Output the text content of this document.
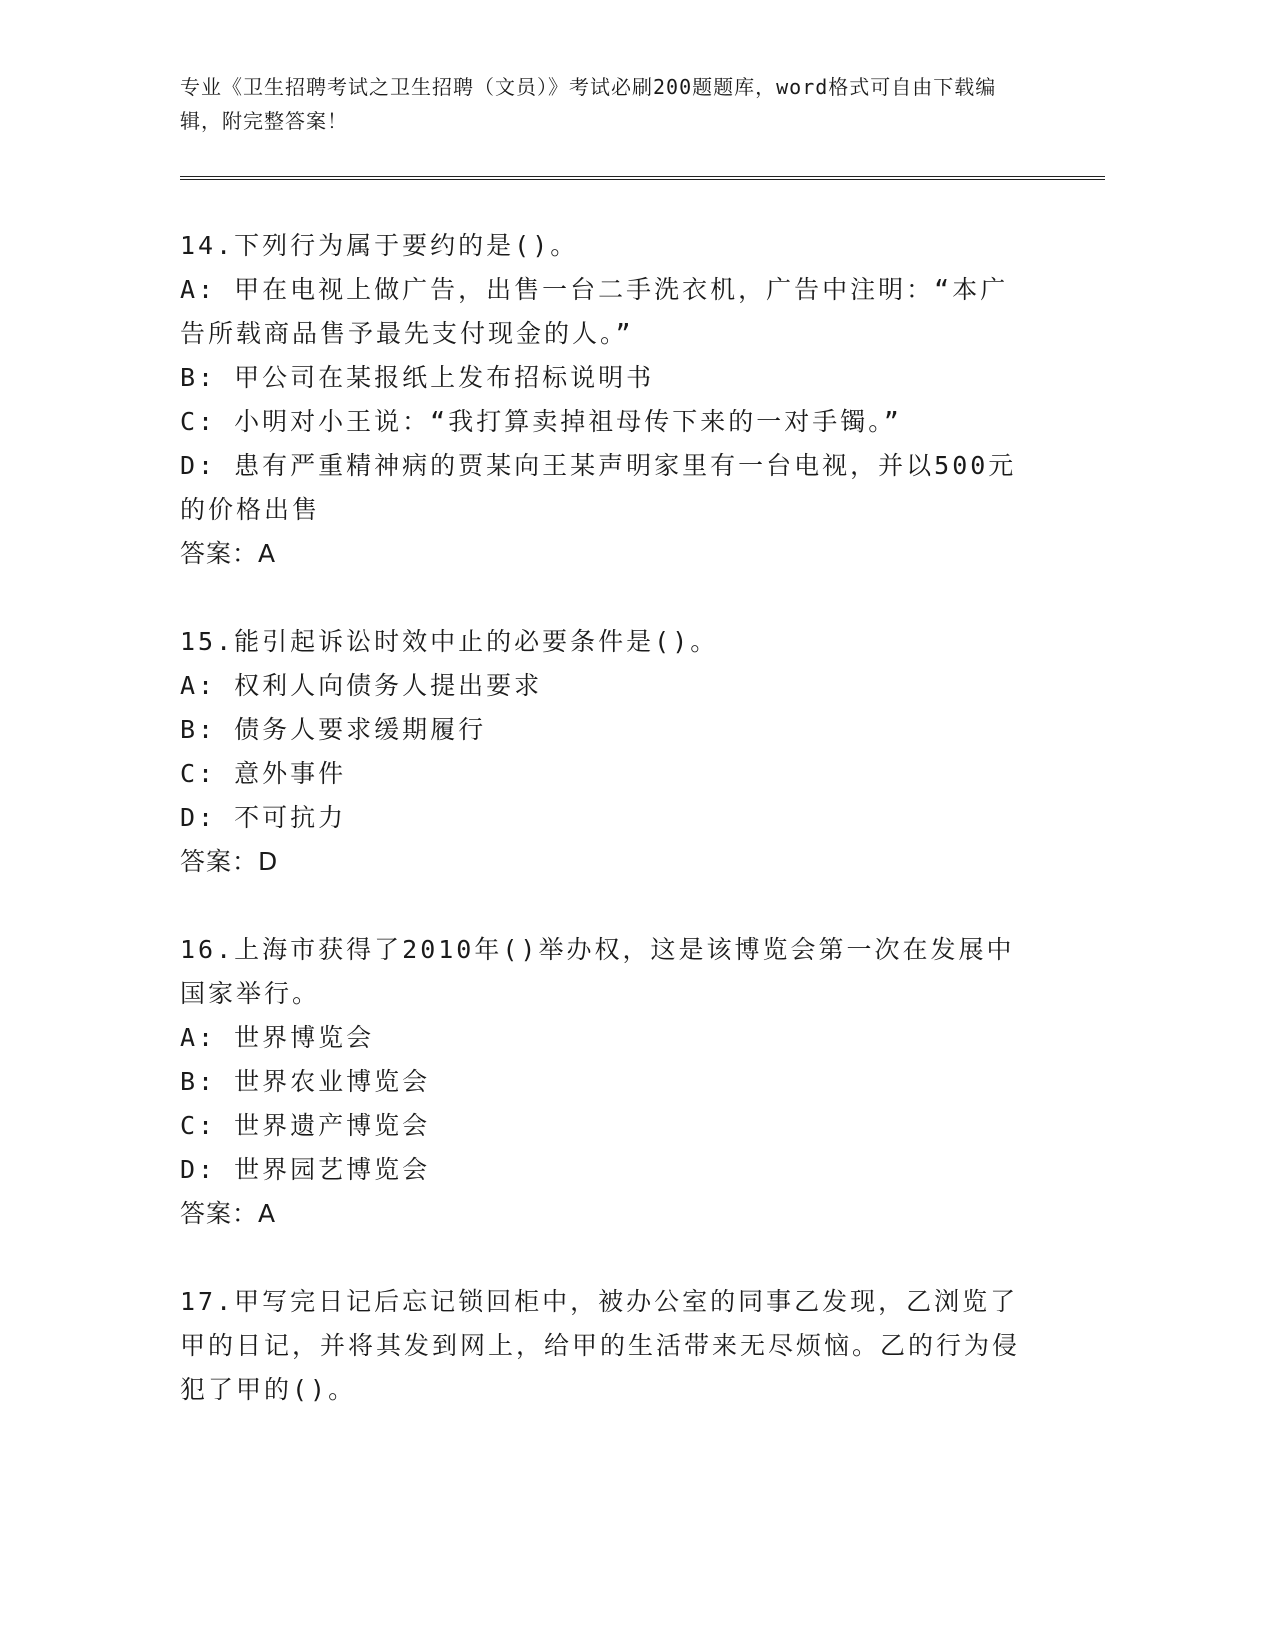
专业《卫生招聘考试之卫生招聘（文员）》考试必刷200题题库，word格式可自由下载编辑，附完整答案！
14.下列行为属于要约的是()。
A: 甲在电视上做广告，出售一台二手洗衣机，广告中注明：“本广告所载商品售予最先支付现金的人。”
B: 甲公司在某报纸上发布招标说明书
C: 小明对小王说：“我打算卖掉祖母传下来的一对手镯。”
D: 患有严重精神病的贾某向王某声明家里有一台电视，并以500元的价格出售
答案：A
15.能引起诉讼时效中止的必要条件是()。
A: 权利人向债务人提出要求
B: 债务人要求缓期履行
C: 意外事件
D: 不可抗力
答案：D
16.上海市获得了2010年()举办权，这是该博览会第一次在发展中国家举行。
A: 世界博览会
B: 世界农业博览会
C: 世界遗产博览会
D: 世界园艺博览会
答案：A
17.甲写完日记后忘记锁回柜中，被办公室的同事乙发现，乙浏览了甲的日记，并将其发到网上，给甲的生活带来无尽烦恼。乙的行为侵犯了甲的()。
